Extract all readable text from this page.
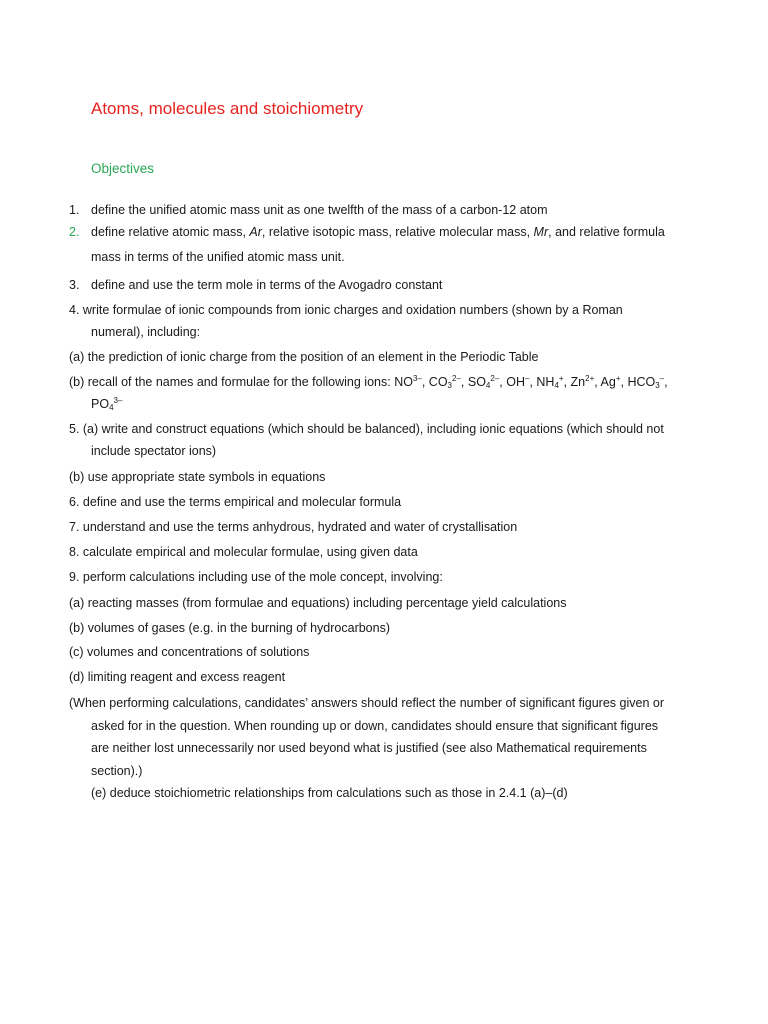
Atoms, molecules and stoichiometry
Objectives
1. define the unified atomic mass unit as one twelfth of the mass of a carbon-12 atom
2. define relative atomic mass, Ar, relative isotopic mass, relative molecular mass, Mr, and relative formula
mass in terms of the unified atomic mass unit.
3. define and use the term mole in terms of the Avogadro constant
4. write formulae of ionic compounds from ionic charges and oxidation numbers (shown by a Roman
numeral), including:
(a) the prediction of ionic charge from the position of an element in the Periodic Table
(b) recall of the names and formulae for the following ions: $NO^{3-}$, $CO_3^{2-}$, $SO_4^{2-}$, OH–, $NH_4^+$, $Zn^{2+}$, Ag+, $HCO_3^-$,
$PO_4^{3-}$
5. (a) write and construct equations (which should be balanced), including ionic equations (which should not
include spectator ions)
(b) use appropriate state symbols in equations
6. define and use the terms empirical and molecular formula
7. understand and use the terms anhydrous, hydrated and water of crystallisation
8. calculate empirical and molecular formulae, using given data
9. perform calculations including use of the mole concept, involving:
(a) reacting masses (from formulae and equations) including percentage yield calculations
(b) volumes of gases (e.g. in the burning of hydrocarbons)
(c) volumes and concentrations of solutions
(d) limiting reagent and excess reagent
(When performing calculations, candidates’ answers should reflect the number of significant figures given or
asked for in the question. When rounding up or down, candidates should ensure that significant figures
are neither lost unnecessarily nor used beyond what is justified (see also Mathematical requirements
section).)
(e) deduce stoichiometric relationships from calculations such as those in 2.4.1 (a)–(d)
